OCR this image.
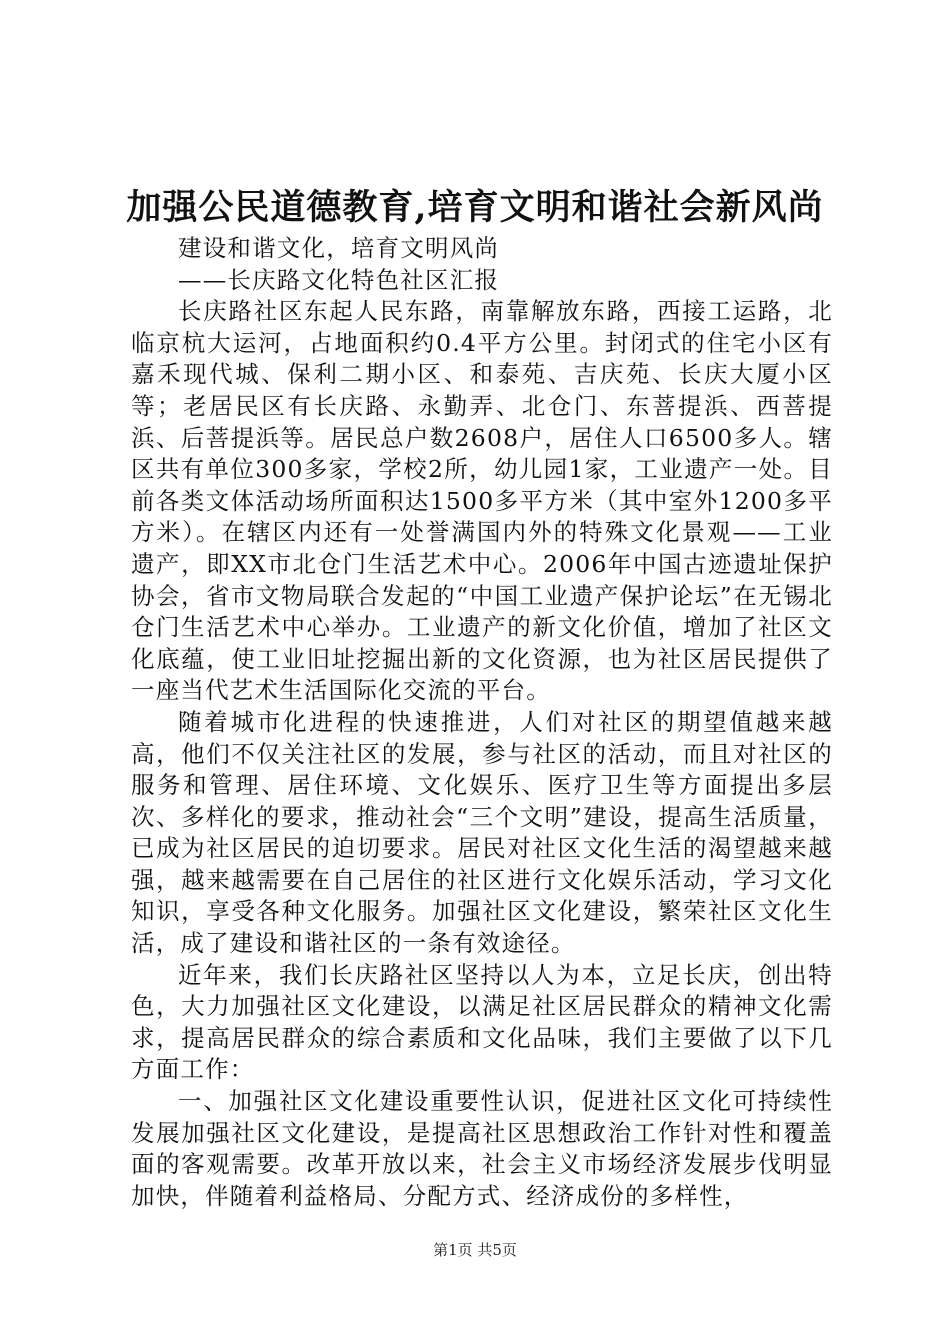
加强公民道德教育,培育文明和谐社会新风尚

建设和谐文化，培育文明风尚

——长庆路文化特色社区汇报

长庆路社区东起人民东路，南靠解放东路，西接工运路，北临京杭大运河，占地面积约0.4平方公里。封闭式的住宅小区有嘉禾现代城、保利二期小区、和泰苑、吉庆苑、长庆大厦小区等；老居民区有长庆路、永勤弄、北仓门、东菩提浜、西菩提浜、后菩提浜等。居民总户数2608户，居住人口6500多人。辖区共有单位300多家，学校2所，幼儿园1家，工业遗产一处。目前各类文体活动场所面积达1500多平方米（其中室外1200多平方米）。在辖区内还有一处誉满国内外的特殊文化景观——工业遗产，即XX市北仓门生活艺术中心。2006年中国古迹遗址保护协会，省市文物局联合发起的“中国工业遗产保护论坛”在无锡北仓门生活艺术中心举办。工业遗产的新文化价值，增加了社区文化底蕴，使工业旧址挖掘出新的文化资源，也为社区居民提供了一座当代艺术生活国际化交流的平台。

随着城市化进程的快速推进，人们对社区的期望值越来越高，他们不仅关注社区的发展，参与社区的活动，而且对社区的服务和管理、居住环境、文化娱乐、医疗卫生等方面提出多层次、多样化的要求，推动社会“三个文明”建设，提高生活质量，已成为社区居民的迫切要求。居民对社区文化生活的渴望越来越强，越来越需要在自己居住的社区进行文化娱乐活动，学习文化知识，享受各种文化服务。加强社区文化建设，繁荣社区文化生活，成了建设和谐社区的一条有效途径。

近年来，我们长庆路社区坚持以人为本，立足长庆，创出特色，大力加强社区文化建设，以满足社区居民群众的精神文化需求，提高居民群众的综合素质和文化品味，我们主要做了以下几方面工作：

一、加强社区文化建设重要性认识，促进社区文化可持续性发展加强社区文化建设，是提高社区思想政治工作针对性和覆盖面的客观需要。改革开放以来，社会主义市场经济发展步伐明显加快，伴随着利益格局、分配方式、经济成份的多样性，

第1页 共5页
